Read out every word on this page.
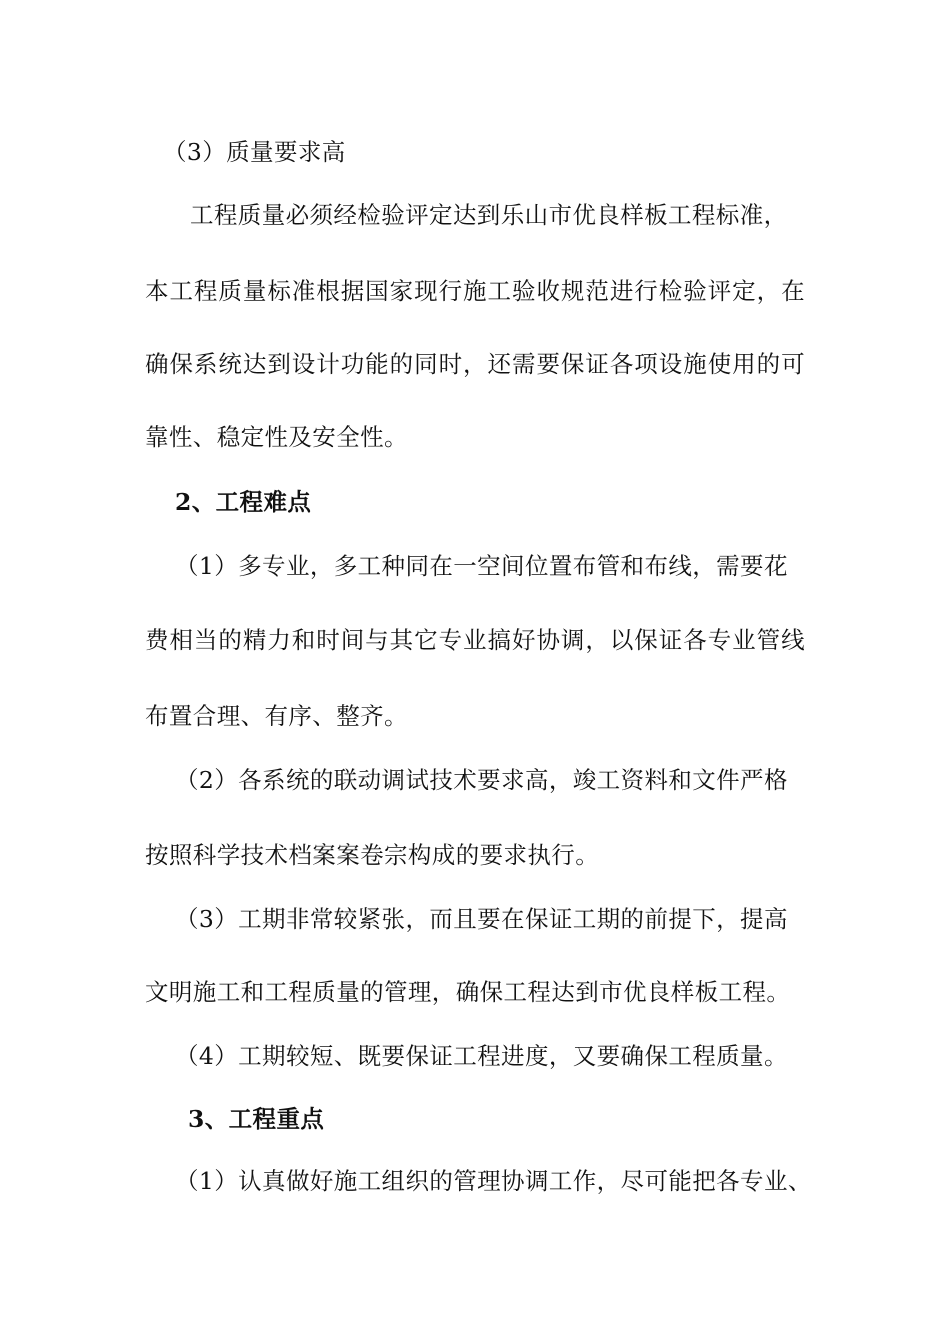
（3）质量要求高
工程质量必须经检验评定达到乐山市优良样板工程标准，
本工程质量标准根据国家现行施工验收规范进行检验评定，在
确保系统达到设计功能的同时，还需要保证各项设施使用的可
靠性、稳定性及安全性。
2、工程难点
（1）多专业，多工种同在一空间位置布管和布线，需要花
费相当的精力和时间与其它专业搞好协调，以保证各专业管线
布置合理、有序、整齐。
（2）各系统的联动调试技术要求高，竣工资料和文件严格
按照科学技术档案案卷宗构成的要求执行。
（3）工期非常较紧张，而且要在保证工期的前提下，提高
文明施工和工程质量的管理，确保工程达到市优良样板工程。
（4）工期较短、既要保证工程进度，又要确保工程质量。
3、工程重点
（1）认真做好施工组织的管理协调工作，尽可能把各专业、
